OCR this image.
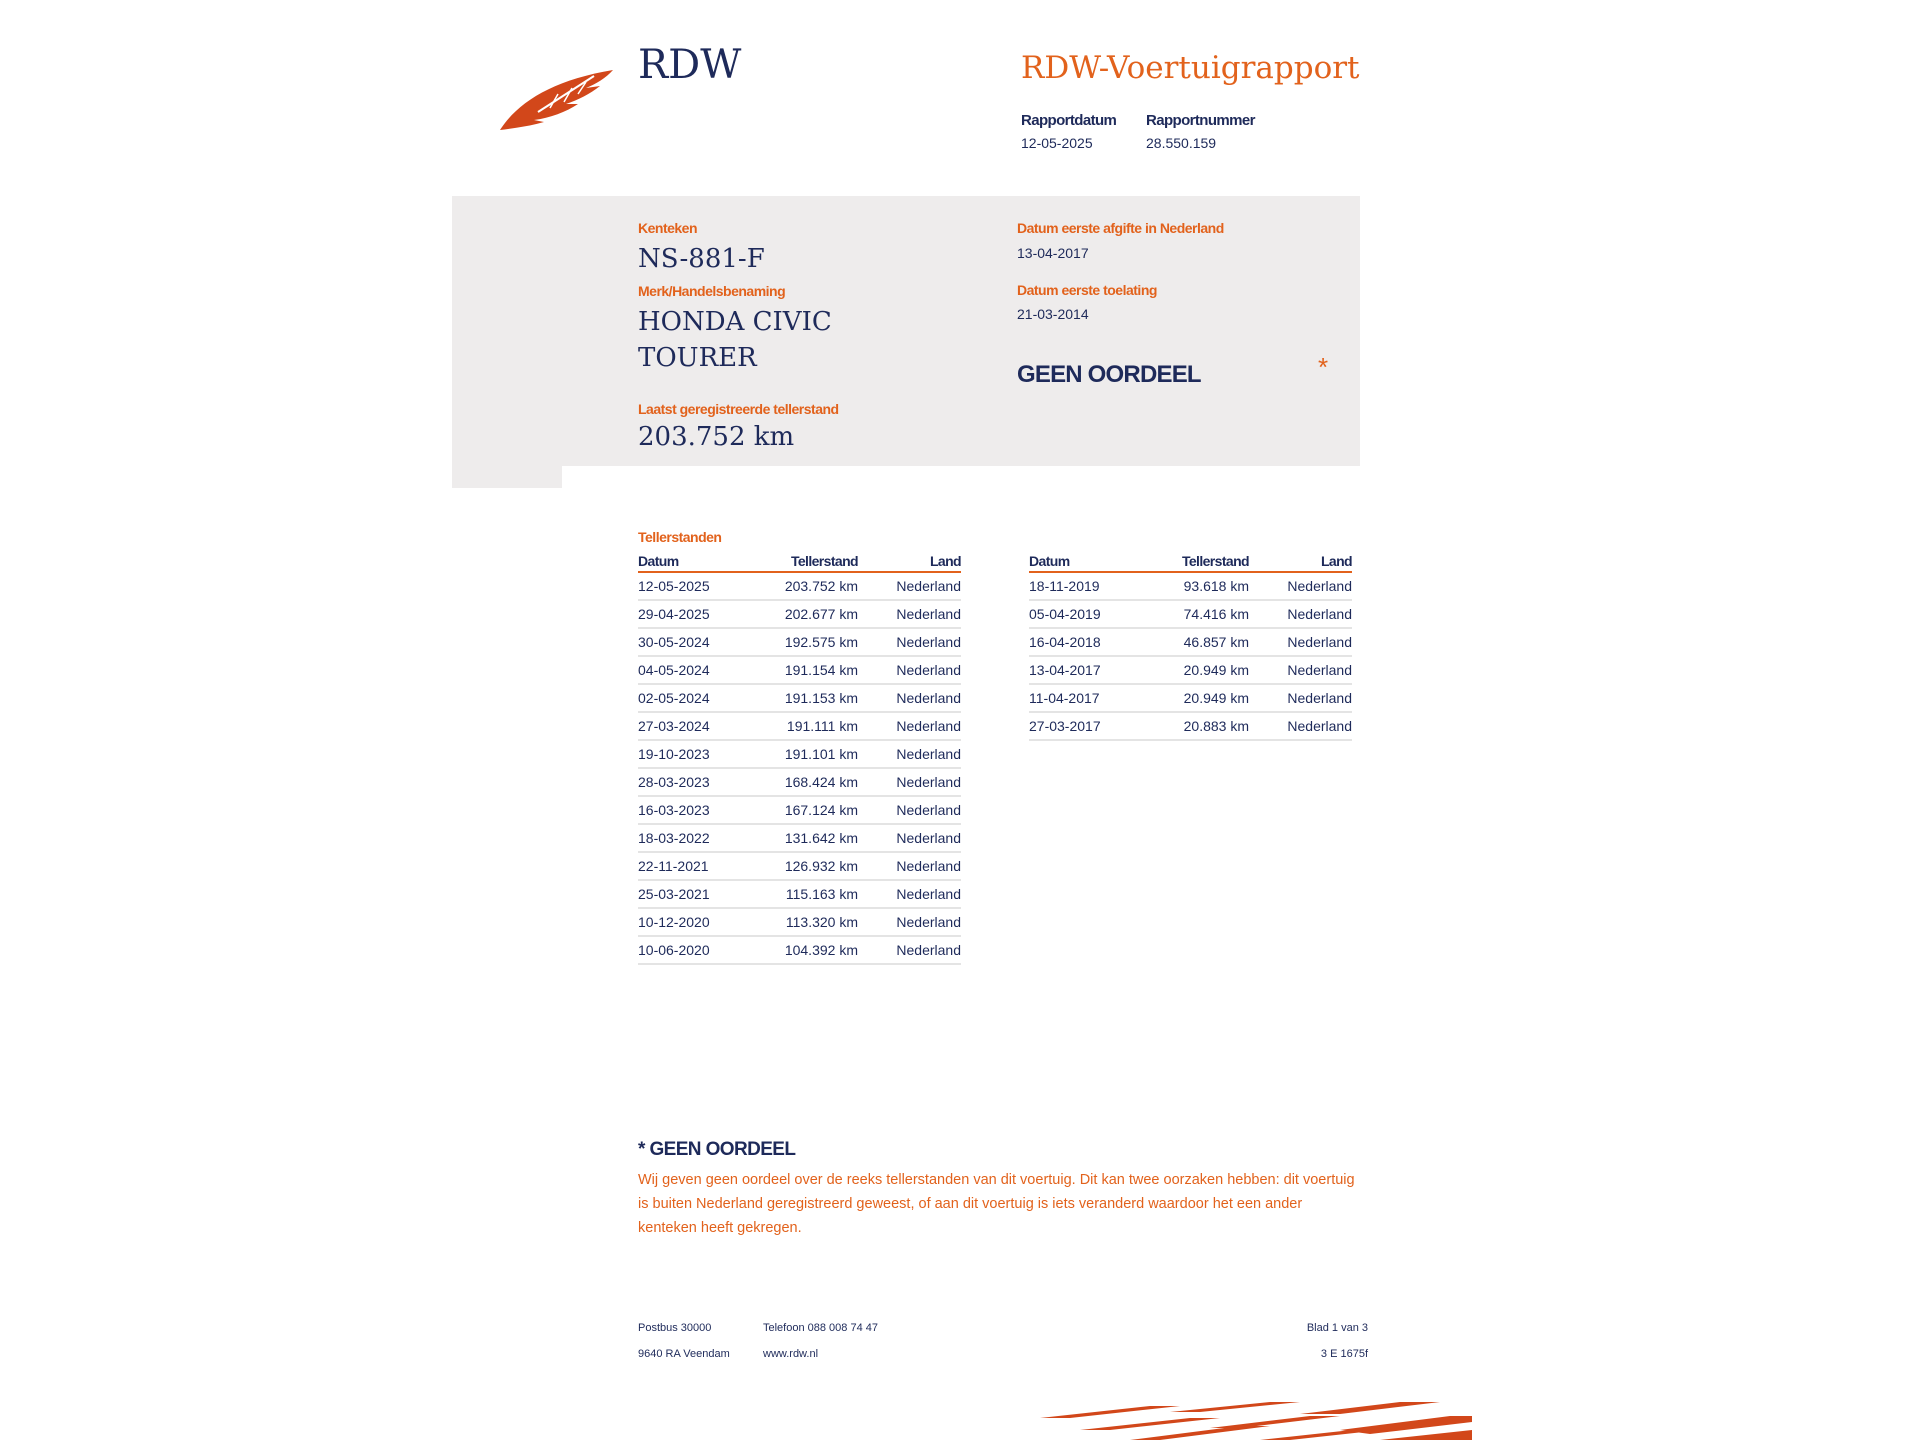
RDW	RDW-Voertuigrapport
Rapportdatum
12-05-2025
Rapportnummer
28.550.159
Kenteken
NS-881-F
Merk/Handelsbenaming
HONDA CIVIC
TOURER
Laatst geregistreerde tellerstand
203.752 km
Datum eerste afgifte in Nederland
13-04-2017
Datum eerste toelating
21-03-2014
GEEN OORDEEL	*
Tellerstanden
Datum	Tellerstand	Land
12-05-2025	203.752 km	Nederland
29-04-2025	202.677 km	Nederland
30-05-2024	192.575 km	Nederland
04-05-2024	191.154 km	Nederland
02-05-2024	191.153 km	Nederland
27-03-2024	191.111 km	Nederland
19-10-2023	191.101 km	Nederland
28-03-2023	168.424 km	Nederland
16-03-2023	167.124 km	Nederland
18-03-2022	131.642 km	Nederland
22-11-2021	126.932 km	Nederland
25-03-2021	115.163 km	Nederland
10-12-2020	113.320 km	Nederland
10-06-2020	104.392 km	Nederland
Datum	Tellerstand	Land
18-11-2019	93.618 km	Nederland
05-04-2019	74.416 km	Nederland
16-04-2018	46.857 km	Nederland
13-04-2017	20.949 km	Nederland
11-04-2017	20.949 km	Nederland
27-03-2017	20.883 km	Nederland
* GEEN OORDEEL
Wij geven geen oordeel over de reeks tellerstanden van dit voertuig. Dit kan twee oorzaken hebben: dit voertuig is buiten Nederland geregistreerd geweest, of aan dit voertuig is iets veranderd waardoor het een ander kenteken heeft gekregen.
Postbus 30000
9640 RA Veendam
Telefoon 088 008 74 47
www.rdw.nl
Blad 1 van 3
3 E 1675f
